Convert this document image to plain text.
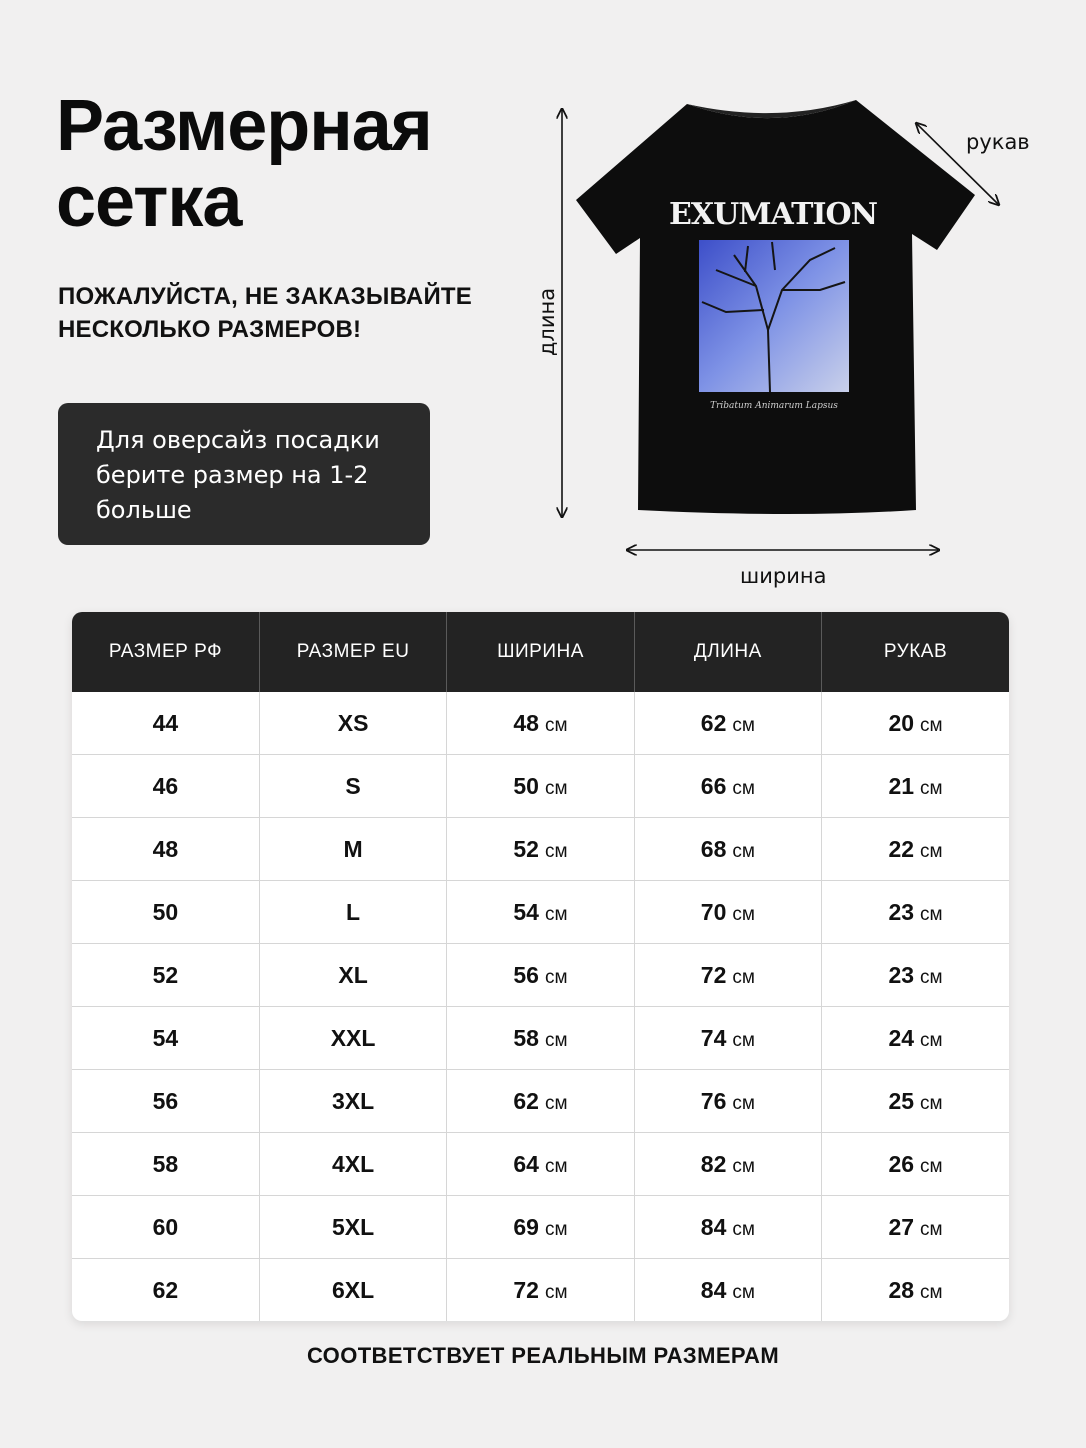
Размерная
сетка
ПОЖАЛУЙСТА, НЕ ЗАКАЗЫВАЙТЕ
НЕСКОЛЬКО РАЗМЕРОВ!
Для оверсайз посадки
берите размер на 1-2
больше
EXUMATION
Tribatum Animarum Lapsus
длина
рукав
ширина
РАЗМЕР РФ	РАЗМЕР EU	ШИРИНА	ДЛИНА	РУКАВ
44	XS	48 см	62 см	20 см
46	S	50 см	66 см	21 см
48	M	52 см	68 см	22 см
50	L	54 см	70 см	23 см
52	XL	56 см	72 см	23 см
54	XXL	58 см	74 см	24 см
56	3XL	62 см	76 см	25 см
58	4XL	64 см	82 см	26 см
60	5XL	69 см	84 см	27 см
62	6XL	72 см	84 см	28 см
СООТВЕТСТВУЕТ РЕАЛЬНЫМ РАЗМЕРАМ
